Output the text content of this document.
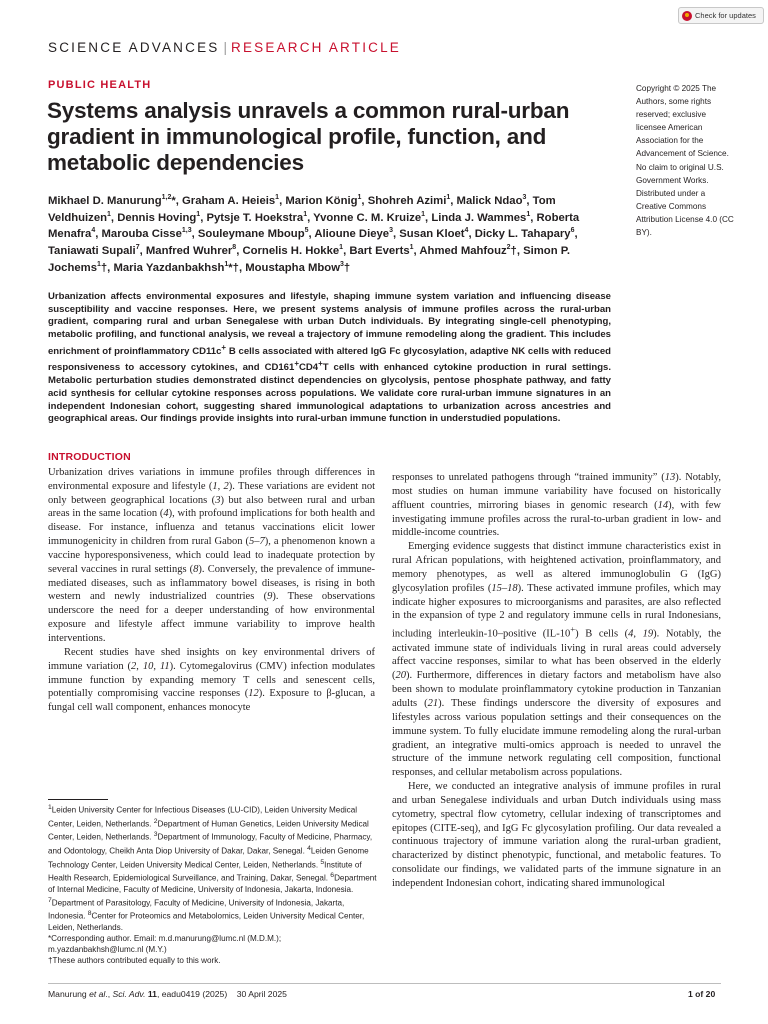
Check for updates
SCIENCE ADVANCES | RESEARCH ARTICLE
PUBLIC HEALTH
Systems analysis unravels a common rural-urban gradient in immunological profile, function, and metabolic dependencies
Mikhael D. Manurung$^{1,2}$*, Graham A. Heieis$^1$, Marion König$^1$, Shohreh Azimi$^1$, Malick Ndao$^3$, Tom Veldhuizen$^1$, Dennis Hoving$^1$, Pytsje T. Hoekstra$^1$, Yvonne C. M. Kruize$^1$, Linda J. Wammes$^1$, Roberta Menafra$^4$, Marouba Cisse$^{1,3}$, Souleymane Mboup$^5$, Alioune Dieye$^3$, Susan Kloet$^4$, Dicky L. Tahapary$^6$, Taniawati Supali$^7$, Manfred Wuhrer$^8$, Cornelis H. Hokke$^1$, Bart Everts$^1$, Ahmed Mahfouz$^2$†, Simon P. Jochems$^1$†, Maria Yazdanbakhsh$^1$*†, Moustapha Mbow$^3$†
Copyright © 2025 The Authors, some rights reserved; exclusive licensee American Association for the Advancement of Science. No claim to original U.S. Government Works. Distributed under a Creative Commons Attribution License 4.0 (CC BY).
Urbanization affects environmental exposures and lifestyle, shaping immune system variation and influencing disease susceptibility and vaccine responses. Here, we present systems analysis of immune profiles across the rural-urban gradient, comparing rural and urban Senegalese with urban Dutch individuals. By integrating single-cell phenotyping, metabolic profiling, and functional analysis, we reveal a trajectory of immune remodeling along the gradient. This includes enrichment of proinflammatory CD11c+ B cells associated with altered IgG Fc glycosylation, adaptive NK cells with reduced responsiveness to accessory cytokines, and CD161+CD4+T cells with enhanced cytokine production in rural settings. Metabolic perturbation studies demonstrated distinct dependencies on glycolysis, pentose phosphate pathway, and fatty acid synthesis for cellular cytokine responses across populations. We validate core rural-urban immune signatures in an independent Indonesian cohort, suggesting shared immunological adaptations to urbanization across ancestries and geographical areas. Our findings provide insights into rural-urban immune function in understudied populations.
INTRODUCTION

Urbanization drives variations in immune profiles through differences in environmental exposure and lifestyle (1, 2). These variations are evident not only between geographical locations (3) but also between rural and urban areas in the same location (4), with profound implications for both health and disease. For instance, influenza and tetanus vaccinations elicit lower immunogenicity in children from rural Gabon (5–7), a phenomenon known a vaccine hyporesponsiveness, which could lead to inadequate protection by several vaccines in rural settings (8). Conversely, the prevalence of immune-mediated diseases, such as inflammatory bowel diseases, is rising in both western and newly industrialized countries (9). These observations underscore the need for a deeper understanding of how environmental exposure and lifestyle affect immune variability to improve health interventions.

Recent studies have shed insights on key environmental drivers of immune variation (2, 10, 11). Cytomegalovirus (CMV) infection modulates immune function by expanding memory T cells and senescent cells, potentially compromising vaccine responses (12). Exposure to β-glucan, a fungal cell wall component, enhances monocyte

responses to unrelated pathogens through “trained immunity” (13). Notably, most studies on human immune variability have focused on historically affluent countries, mirroring biases in genomic research (14), with few investigating immune profiles across the rural-to-urban gradient in low- and middle-income countries.

Emerging evidence suggests that distinct immune characteristics exist in rural African populations, with heightened activation, proinflammatory, and memory phenotypes, as well as altered immunoglobulin G (IgG) glycosylation profiles (15–18). These activated immune profiles, which may indicate higher exposures to microorganisms and parasites, are also reflected in the expansion of type 2 and regulatory immune cells in rural Indonesians, including interleukin-10–positive (IL-10+) B cells (4, 19). Notably, the activated immune state of individuals living in rural areas could adversely affect vaccine responses, similar to what has been observed in the elderly (20). Furthermore, differences in dietary factors and metabolism have also been shown to modulate proinflammatory cytokine production in Tanzanian adults (21). These findings underscore the diversity of exposures and lifestyles across various population settings and their consequences on the immune system. To fully elucidate immune remodeling along the rural-urban gradient, an integrative multi-omics approach is needed to unravel the structure of the immune network regulating cell composition, functional responses, and cellular metabolism across populations.

Here, we conducted an integrative analysis of immune profiles in rural and urban Senegalese individuals and urban Dutch individuals using mass cytometry, spectral flow cytometry, cellular indexing of transcriptomes and epitopes (CITE-seq), and IgG Fc glycosylation profiling. Our data revealed a continuous trajectory of immune variation along the rural-urban gradient, characterized by distinct phenotypic, functional, and metabolic features. To consolidate our findings, we validated parts of the immune signature in an independent Indonesian cohort, indicating shared immunological

$^1$Leiden University Center for Infectious Diseases (LU-CID), Leiden University Medical Center, Leiden, Netherlands. $^2$Department of Human Genetics, Leiden University Medical Center, Leiden, Netherlands. $^3$Department of Immunology, Faculty of Medicine, Pharmacy, and Odontology, Cheikh Anta Diop University of Dakar, Dakar, Senegal. $^4$Leiden Genome Technology Center, Leiden University Medical Center, Leiden, Netherlands. $^5$Institute of Health Research, Epidemiological Surveillance, and Training, Dakar, Senegal. $^6$Department of Internal Medicine, Faculty of Medicine, University of Indonesia, Jakarta, Indonesia. $^7$Department of Parasitology, Faculty of Medicine, University of Indonesia, Jakarta, Indonesia. $^8$Center for Proteomics and Metabolomics, Leiden University Medical Center, Leiden, Netherlands.

*Corresponding author. Email: m.d.manurung@lumc.nl (M.D.M.); m.yazdanbakhsh@lumc.nl (M.Y.)

†These authors contributed equally to this work.

Manurung et al., Sci. Adv. 11, eadu0419 (2025)    30 April 2025	1 of 20
